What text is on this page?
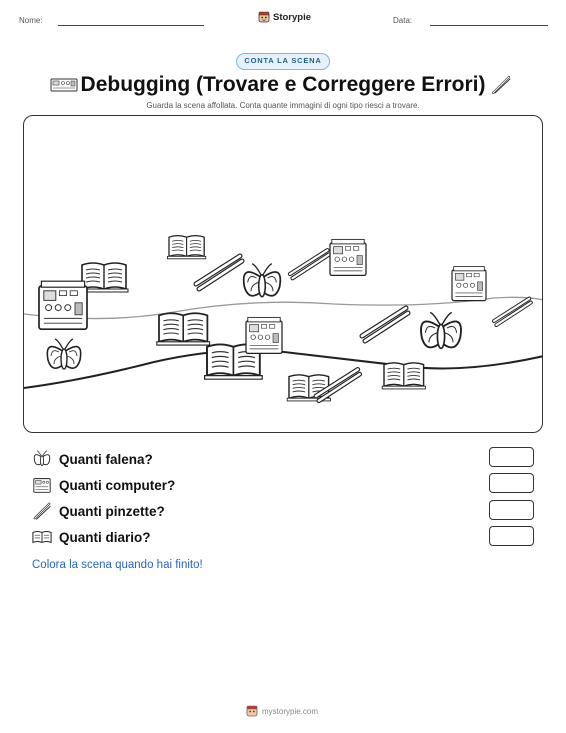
Nome:	Storypie	Data:
CONTA LA SCENA
Debugging (Trovare e Correggere Errori)
Guarda la scena affollata. Conta quante immagini di ogni tipo riesci a trovare.
Quanti falena?
Quanti computer?
Quanti pinzette?
Quanti diario?
Colora la scena quando hai finito!
mystorypie.com
